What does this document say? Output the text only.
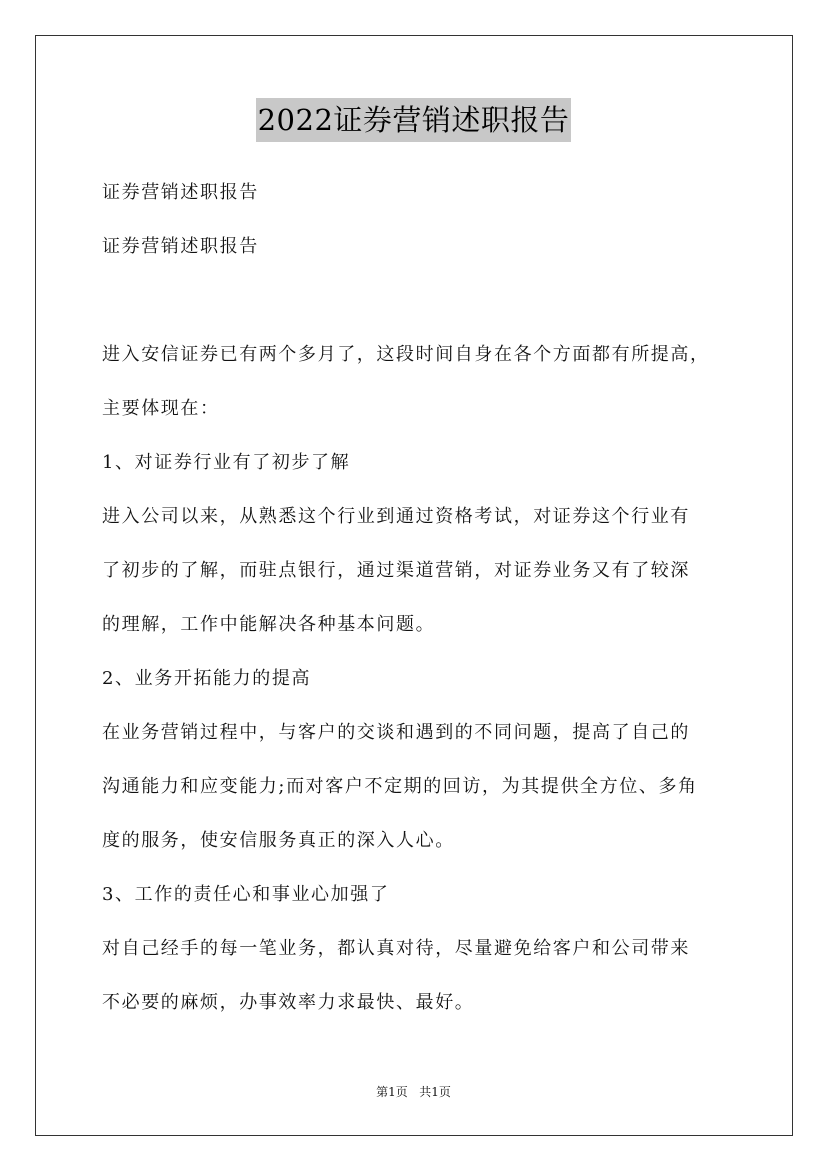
2022证券营销述职报告
证券营销述职报告
证券营销述职报告
进入安信证券已有两个多月了，这段时间自身在各个方面都有所提高，
主要体现在：
1、对证券行业有了初步了解
进入公司以来，从熟悉这个行业到通过资格考试，对证券这个行业有
了初步的了解，而驻点银行，通过渠道营销，对证券业务又有了较深
的理解，工作中能解决各种基本问题。
2、业务开拓能力的提高
在业务营销过程中，与客户的交谈和遇到的不同问题，提高了自己的
沟通能力和应变能力;而对客户不定期的回访，为其提供全方位、多角
度的服务，使安信服务真正的深入人心。
3、工作的责任心和事业心加强了
对自己经手的每一笔业务，都认真对待，尽量避免给客户和公司带来
不必要的麻烦，办事效率力求最快、最好。
第1页 共1页
